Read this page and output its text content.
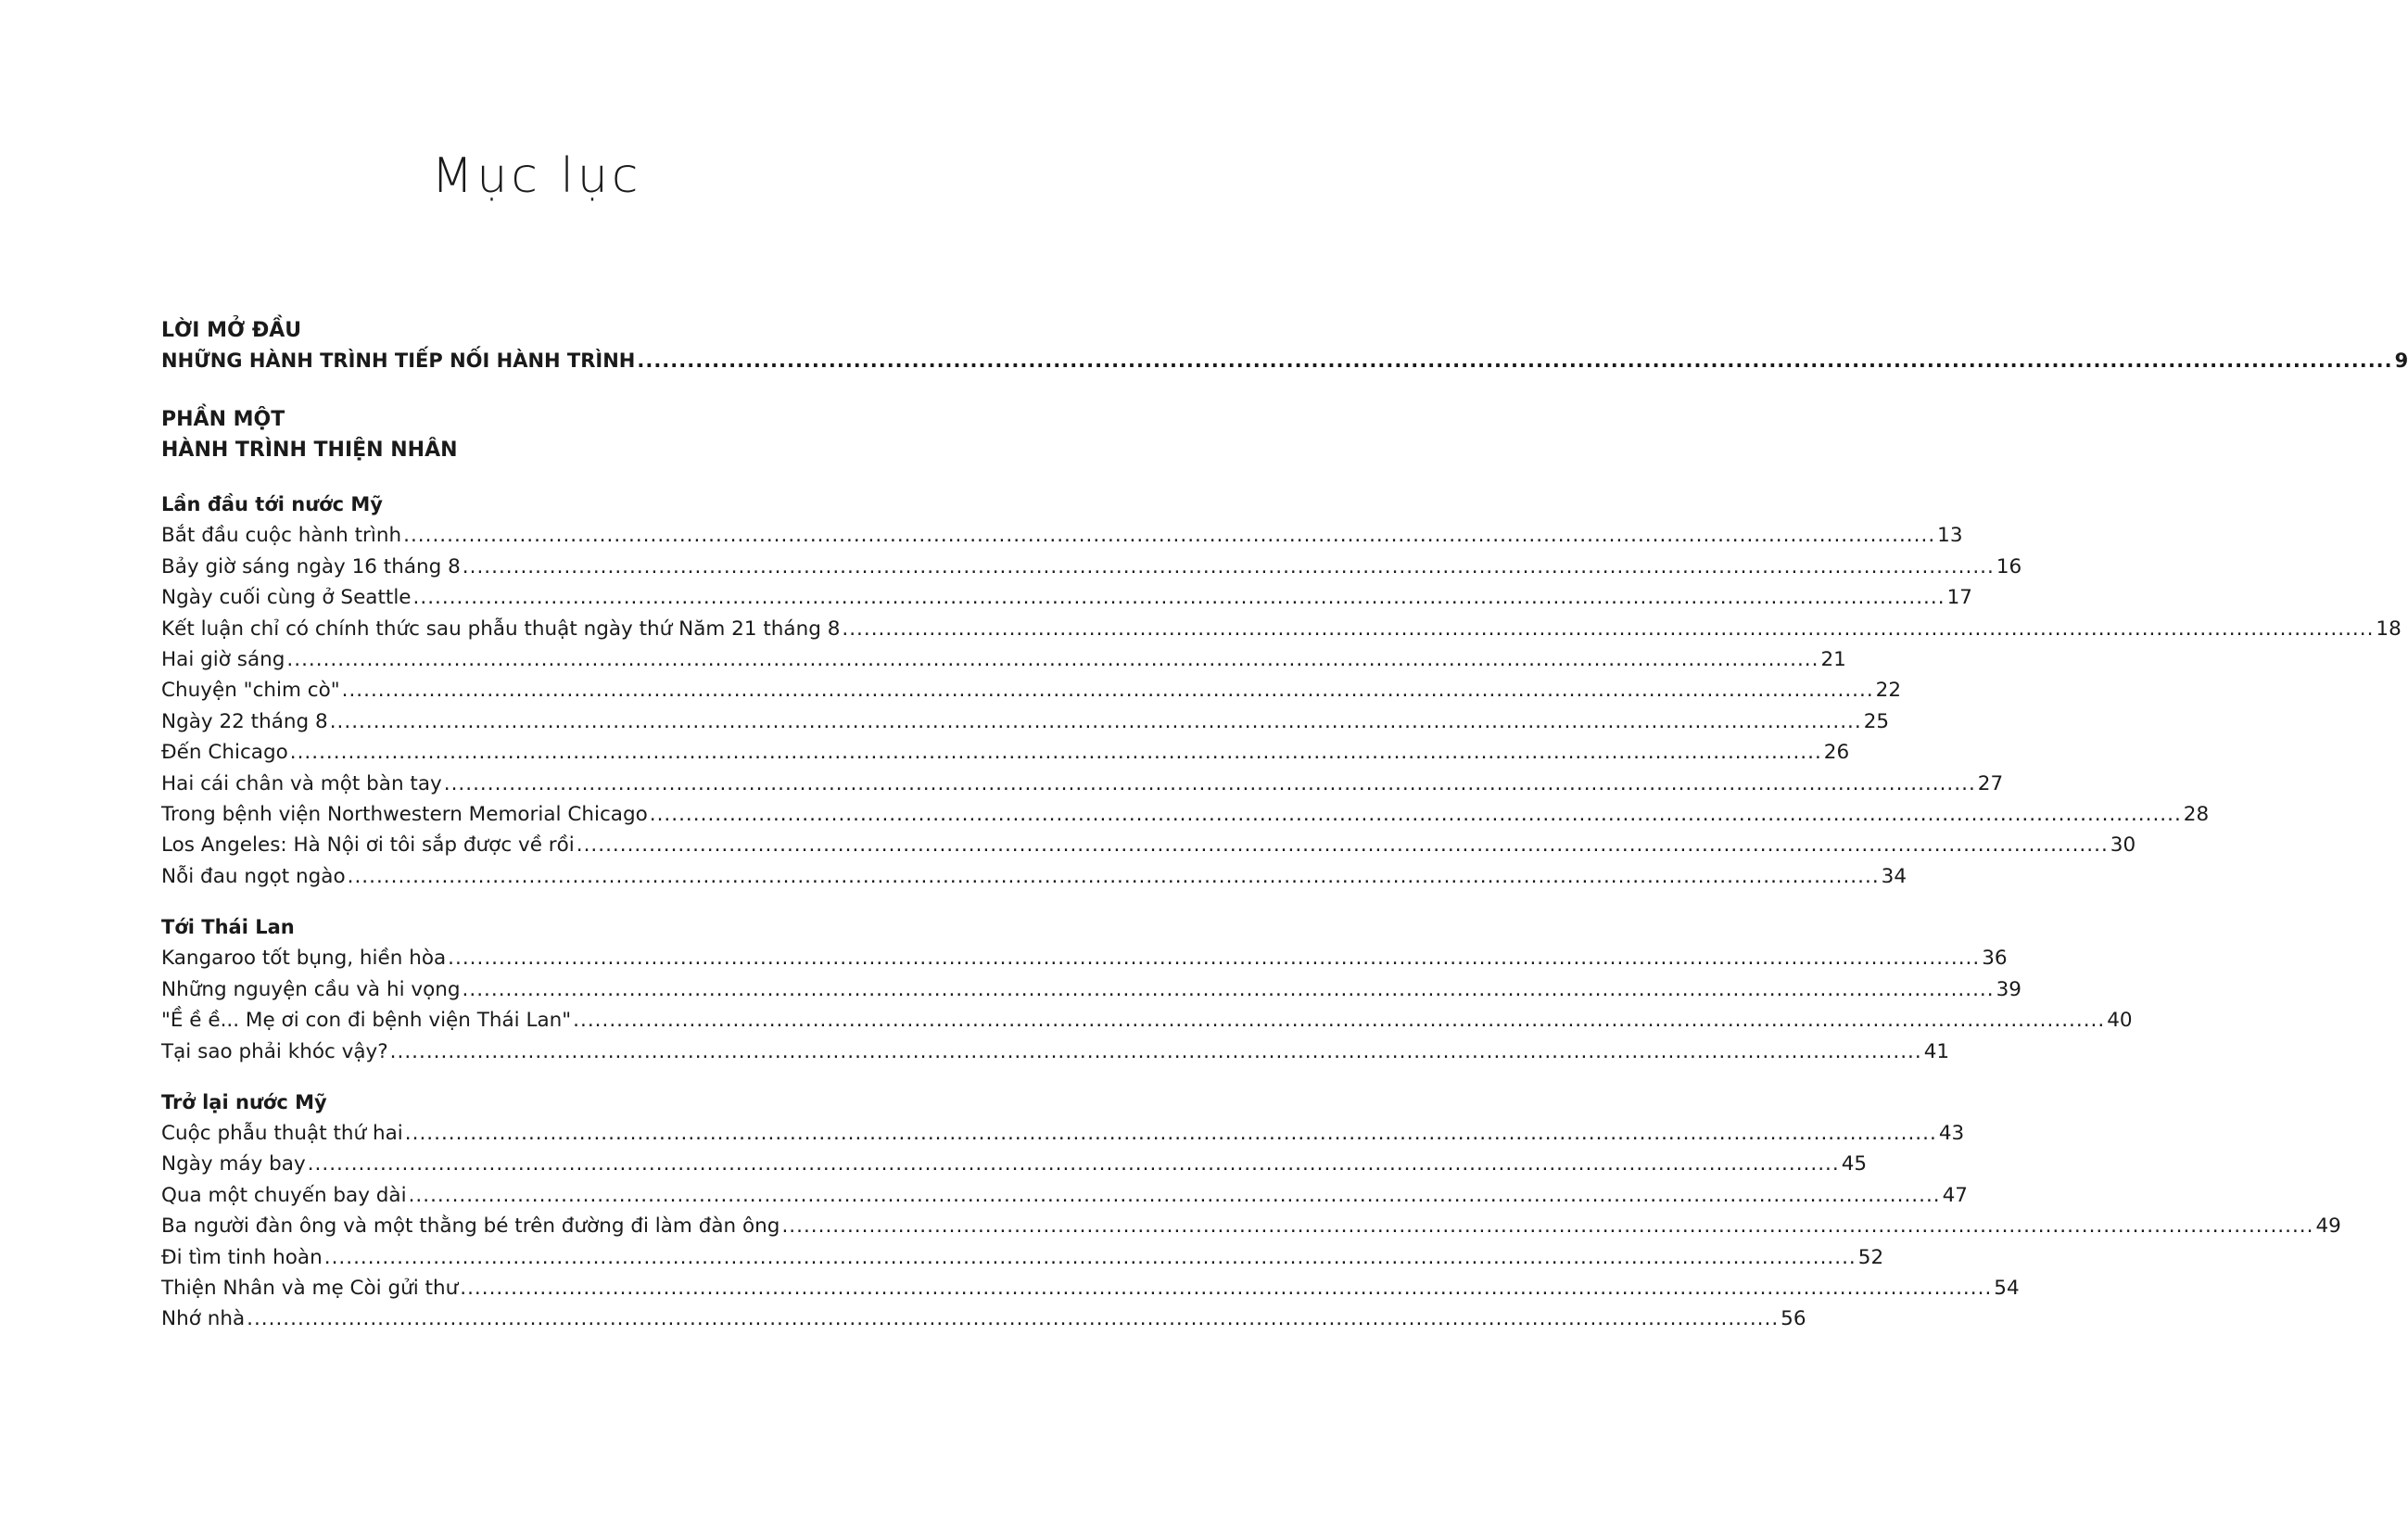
Mục lục
LỜI MỞ ĐẦU
NHỮNG HÀNH TRÌNH TIẾP NỐI HÀNH TRÌNH .....	9
PHẦN MỘT
HÀNH TRÌNH THIỆN NHÂN
Lần đầu tới nước Mỹ
Bắt đầu cuộc hành trình .....	13
Bảy giờ sáng ngày 16 tháng 8 .....	16
Ngày cuối cùng ở Seattle .....	17
Kết luận chỉ có chính thức sau phẫu thuật ngày thứ Năm 21 tháng 8 .....	18
Hai giờ sáng .....	21
Chuyện "chim cò" .....	22
Ngày 22 tháng 8 .....	25
Đến Chicago .....	26
Hai cái chân và một bàn tay .....	27
Trong bệnh viện Northwestern Memorial Chicago .....	28
Los Angeles: Hà Nội ơi tôi sắp được về rồi .....	30
Nỗi đau ngọt ngào .....	34
Tới Thái Lan
Kangaroo tốt bụng, hiền hòa .....	36
Những nguyện cầu và hi vọng .....	39
"Ề ề ề... Mẹ ơi con đi bệnh viện Thái Lan" .....	40
Tại sao phải khóc vậy? .....	41
Trở lại nước Mỹ
Cuộc phẫu thuật thứ hai .....	43
Ngày máy bay .....	45
Qua một chuyến bay dài .....	47
Ba người đàn ông và một thằng bé trên đường đi làm đàn ông .....	49
Đi tìm tinh hoàn .....	52
Thiện Nhân và mẹ Còi gửi thư .....	54
Nhớ nhà .....	56
